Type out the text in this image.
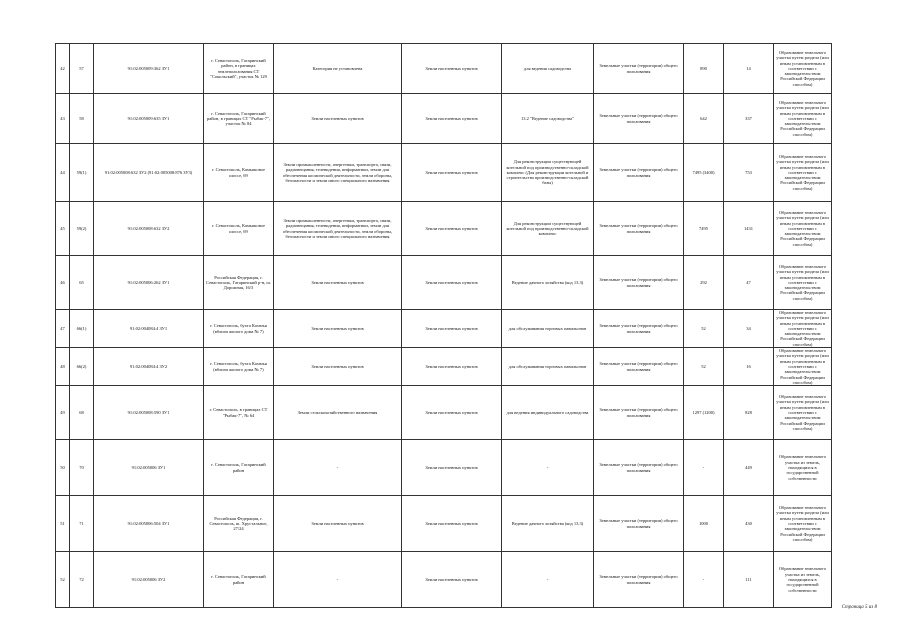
42	57	91:02:005009:362 ЗУ1	г. Севастополь, Гагаринский район, в границах землепользования СТ "Сокольский", участок № 129	Категория не установлена	Земли населенных пунктов	для ведения садоводства	Земельные участки (территории) общего пользования	890	14	Образование земельного участка путем раздела (или иным установленным в соответствии с законодательством Российской Федерации способом)
43	58	91:02:005009:635 ЗУ1	г. Севастополь, Гагаринский район, в границах СТ "Рыбак-7", участок № 84	Земли населенных пунктов	Земли населенных пунктов	13.2 "Ведение садоводства"	Земельные участки (территории) общего пользования	642	337	Образование земельного участка путем раздела (или иным установленным в соответствии с законодательством Российской Федерации способом)
44	59(1)	91:02:005008:632 ЗУ2 (91:02:005008:876 ЗУ3)	г. Севастополь, Камышовое шоссе, 69	Земли промышленности, энергетики, транспорта, связи, радиовещания, телевидения, информатики, земли для обеспечения космической деятельности, земли обороны, безопасности и земли иного специального назначения	Земли населенных пунктов	Для реконструкции существующей котельной под производственно-складской комплекс (Для реконструкции котельной и строительства производственно-складской базы)	Земельные участки (территории) общего пользования	7495 (3400)	753	Образование земельного участка путем раздела (или иным установленным в соответствии с законодательством Российской Федерации способом)
45	59(2)	91:02:005008:632 ЗУ2	г. Севастополь, Камышовое шоссе, 69	Земли промышленности, энергетики, транспорта, связи, радиовещания, телевидения, информатики, земли для обеспечения космической деятельности, земли обороны, безопасности и земли иного специального назначения	Земли населенных пунктов	Для реконструкции существующей котельной под производственно-складской комплекс	Земельные участки (территории) общего пользования	7495	1431	Образование земельного участка путем раздела (или иным установленным в соответствии с законодательством Российской Федерации способом)
46	65	91:02:005006:262 ЗУ1	Российская Федерация, г. Севастополь, Гагаринский р-н, ш. Дорожная, 16/3	Земли населенных пунктов	Земли населенных пунктов	Ведение дачного хозяйства (код 13.3)	Земельные участки (территории) общего пользования	292	47	Образование земельного участка путем раздела (или иным установленным в соответствии с законодательством Российской Федерации способом)
47	66(1)	91:02:004084:4 ЗУ1	г. Севастополь, бухта Казачья (вблизи жилого дома № 7)	Земли населенных пунктов	Земли населенных пунктов	для обслуживания торговых павильонов	Земельные участки (территории) общего пользования	52	34	Образование земельного участка путем раздела (или иным установленным в соответствии с законодательством Российской Федерации способом)
48	66(2)	91:02:004084:4 ЗУ2	г. Севастополь, бухта Казачья (вблизи жилого дома № 7)	Земли населенных пунктов	Земли населенных пунктов	для обслуживания торговых павильонов	Земельные участки (территории) общего пользования	52	16	Образование земельного участка путем раздела (или иным установленным в соответствии с законодательством Российской Федерации способом)
49	68	91:02:005008:590 ЗУ1	г. Севастополь, в границах СТ "Рыбак-7", № 64	Земли сельскохозяйственного назначения	Земли населенных пунктов	для ведения индивидуального садоводства	Земельные участки (территории) общего пользования	1297 (1200)	828	Образование земельного участка путем раздела (или иным установленным в соответствии с законодательством Российской Федерации способом)
50	70	91:02:005006 ЗУ1	г. Севастополь, Гагаринский район	-	Земли населенных пунктов	-	Земельные участки (территории) общего пользования	-	449	Образование земельного участка из земель, находящихся в государственной собственности
51	71	91:02:005006:504 ЗУ1	Российская Федерация, г. Севастополь, ш. Хрустальное, 27/24	Земли населенных пунктов	Земли населенных пунктов	Ведение дачного хозяйства (код 13.3)	Земельные участки (территории) общего пользования	1000	430	Образование земельного участка путем раздела (или иным установленным в соответствии с законодательством Российской Федерации способом)
52	72	91:02:005006 ЗУ2	г. Севастополь, Гагаринский район	-	Земли населенных пунктов	-	Земельные участки (территории) общего пользования	-	111	Образование земельного участка из земель, находящихся в государственной собственности
Страница 5 из 8
